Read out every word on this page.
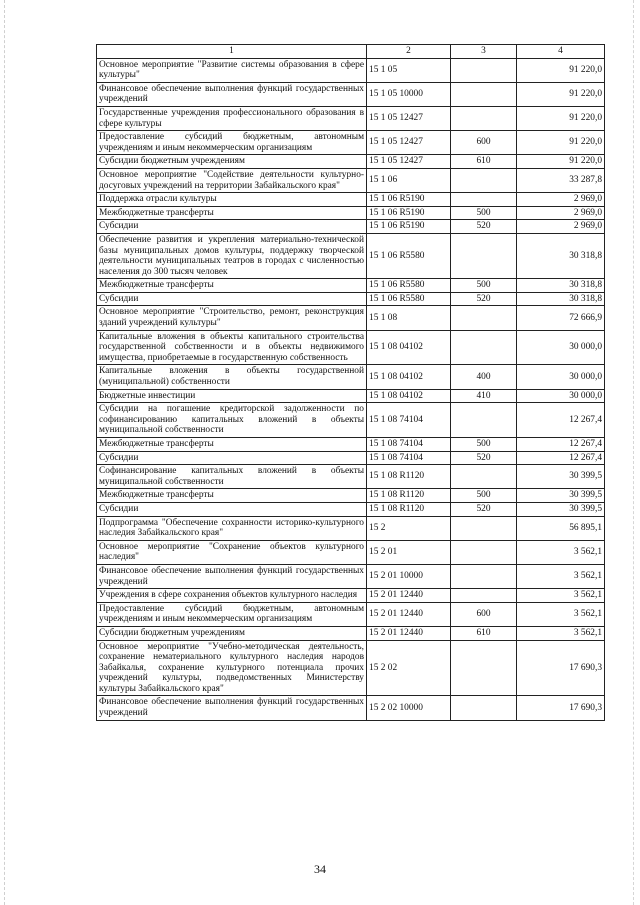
1	2	3	4
Основное мероприятие "Развитие системы образования в сфере культуры"	15 1 05		91 220,0
Финансовое обеспечение выполнения функций государственных учреждений	15 1 05 10000		91 220,0
Государственные учреждения профессионального образования в сфере культуры	15 1 05 12427		91 220,0
Предоставление субсидий бюджетным, автономным учреждениям и иным некоммерческим организациям	15 1 05 12427	600	91 220,0
Субсидии бюджетным учреждениям	15 1 05 12427	610	91 220,0
Основное мероприятие "Содействие деятельности культурно-досуговых учреждений на территории Забайкальского края"	15 1 06		33 287,8
Поддержка отрасли культуры	15 1 06 R5190		2 969,0
Межбюджетные трансферты	15 1 06 R5190	500	2 969,0
Субсидии	15 1 06 R5190	520	2 969,0
Обеспечение развития и укрепления материально-технической базы муниципальных домов культуры, поддержку творческой деятельности муниципальных театров в городах с численностью населения до 300 тысяч человек	15 1 06 R5580		30 318,8
Межбюджетные трансферты	15 1 06 R5580	500	30 318,8
Субсидии	15 1 06 R5580	520	30 318,8
Основное мероприятие "Строительство, ремонт, реконструкция зданий учреждений культуры"	15 1 08		72 666,9
Капитальные вложения в объекты капитального строительства государственной собственности и в объекты недвижимого имущества, приобретаемые в государственную собственность	15 1 08 04102		30 000,0
Капитальные вложения в объекты государственной (муниципальной) собственности	15 1 08 04102	400	30 000,0
Бюджетные инвестиции	15 1 08 04102	410	30 000,0
Субсидии на погашение кредиторской задолженности по софинансированию капитальных вложений в объекты муниципальной собственности	15 1 08 74104		12 267,4
Межбюджетные трансферты	15 1 08 74104	500	12 267,4
Субсидии	15 1 08 74104	520	12 267,4
Софинансирование капитальных вложений в объекты муниципальной собственности	15 1 08 R1120		30 399,5
Межбюджетные трансферты	15 1 08 R1120	500	30 399,5
Субсидии	15 1 08 R1120	520	30 399,5
Подпрограмма "Обеспечение сохранности историко-культурного наследия Забайкальского края"	15 2		56 895,1
Основное мероприятие "Сохранение объектов культурного наследия"	15 2 01		3 562,1
Финансовое обеспечение выполнения функций государственных учреждений	15 2 01 10000		3 562,1
Учреждения в сфере сохранения объектов культурного наследия	15 2 01 12440		3 562,1
Предоставление субсидий бюджетным, автономным учреждениям и иным некоммерческим организациям	15 2 01 12440	600	3 562,1
Субсидии бюджетным учреждениям	15 2 01 12440	610	3 562,1
Основное мероприятие "Учебно-методическая деятельность, сохранение нематериального культурного наследия народов Забайкалья, сохранение культурного потенциала прочих учреждений культуры, подведомственных Министерству культуры Забайкальского края"	15 2 02		17 690,3
Финансовое обеспечение выполнения функций государственных учреждений	15 2 02 10000		17 690,3
34
